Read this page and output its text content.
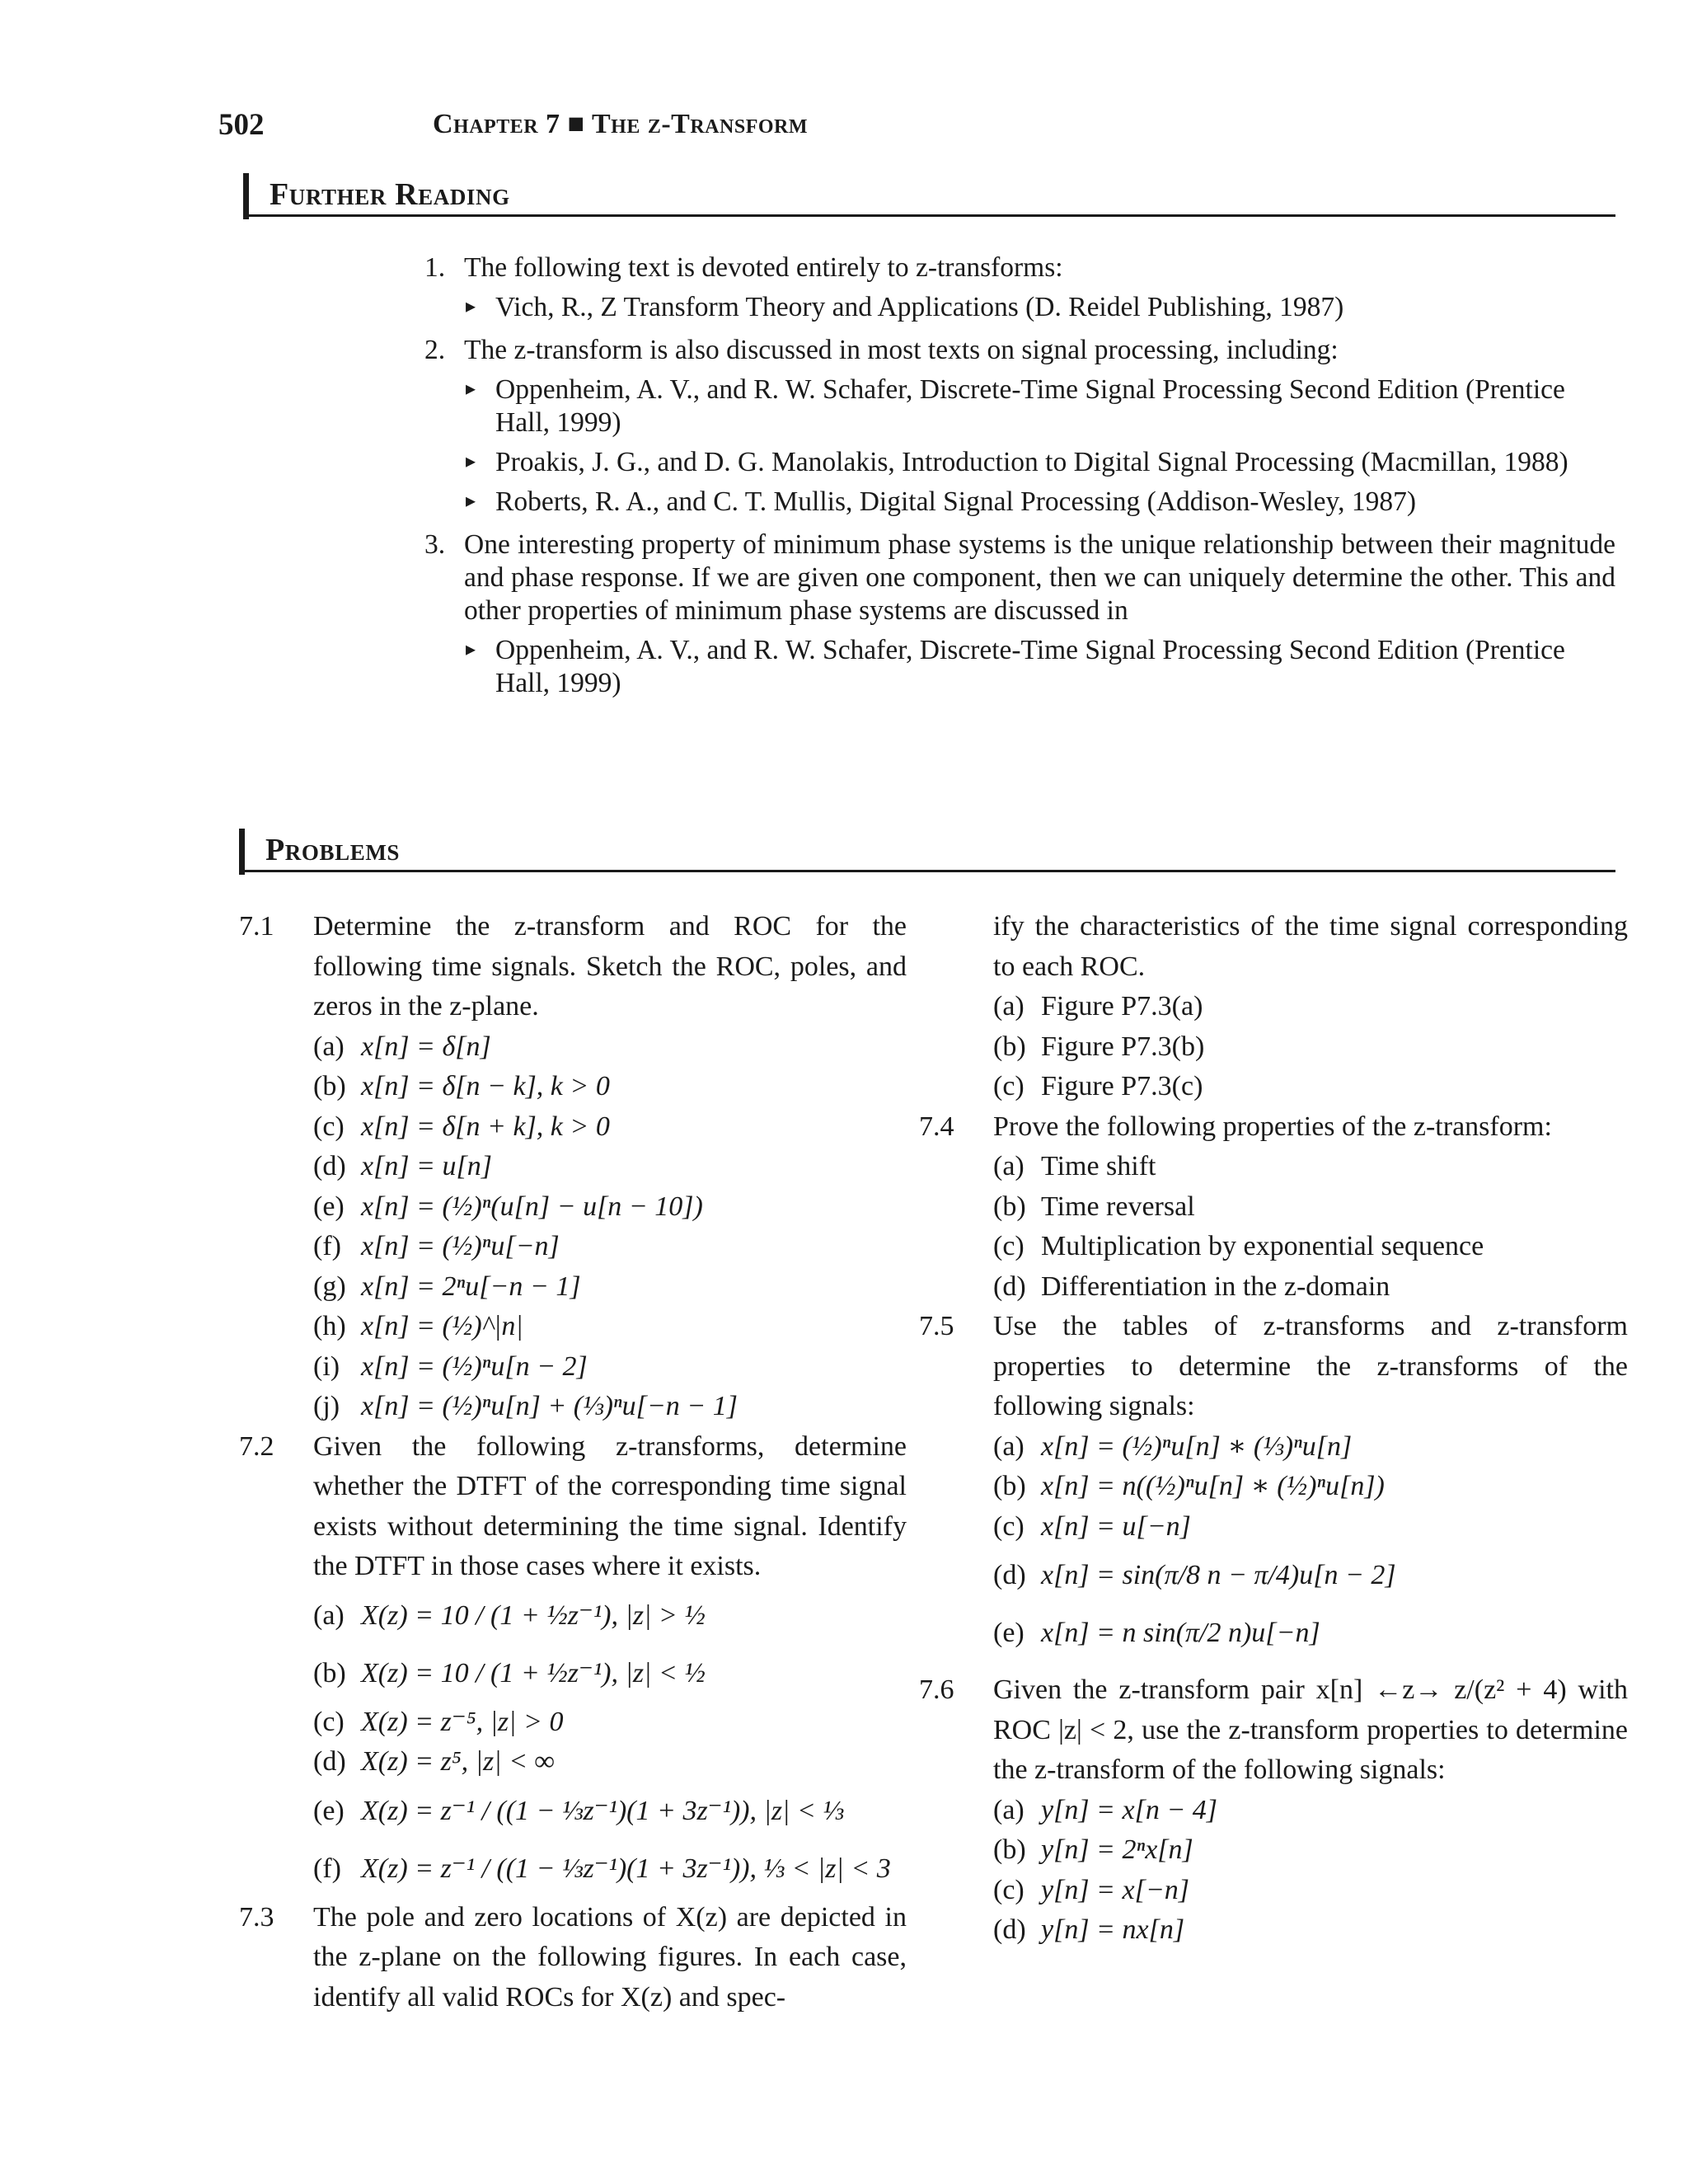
502	Chapter 7 ■ The z-Transform
Further Reading
1. The following text is devoted entirely to z-transforms:
▸ Vich, R., Z Transform Theory and Applications (D. Reidel Publishing, 1987)
2. The z-transform is also discussed in most texts on signal processing, including:
▸ Oppenheim, A. V., and R. W. Schafer, Discrete-Time Signal Processing Second Edition (Prentice Hall, 1999)
▸ Proakis, J. G., and D. G. Manolakis, Introduction to Digital Signal Processing (Macmillan, 1988)
▸ Roberts, R. A., and C. T. Mullis, Digital Signal Processing (Addison-Wesley, 1987)
3. One interesting property of minimum phase systems is the unique relationship between their magnitude and phase response. If we are given one component, then we can uniquely determine the other. This and other properties of minimum phase systems are discussed in
▸ Oppenheim, A. V., and R. W. Schafer, Discrete-Time Signal Processing Second Edition (Prentice Hall, 1999)
Problems
7.1 Determine the z-transform and ROC for the following time signals. Sketch the ROC, poles, and zeros in the z-plane.
(a) x[n] = δ[n]
(b) x[n] = δ[n − k], k > 0
(c) x[n] = δ[n + k], k > 0
(d) x[n] = u[n]
(e) x[n] = (½)ⁿ(u[n] − u[n − 10])
(f) x[n] = (½)ⁿu[−n]
(g) x[n] = 2ⁿu[−n − 1]
(h) x[n] = (½)^|n|
(i) x[n] = (½)ⁿu[n − 2]
(j) x[n] = (½)ⁿu[n] + (⅓)ⁿu[−n − 1]
7.2 Given the following z-transforms, determine whether the DTFT of the corresponding time signal exists without determining the time signal. Identify the DTFT in those cases where it exists.
(a) X(z) = 10 / (1 + ½z⁻¹), |z| > ½
(b) X(z) = 10 / (1 + ½z⁻¹), |z| < ½
(c) X(z) = z⁻⁵, |z| > 0
(d) X(z) = z⁵, |z| < ∞
(e) X(z) = z⁻¹ / ((1 − ⅓z⁻¹)(1 + 3z⁻¹)), |z| < ⅓
(f) X(z) = z⁻¹ / ((1 − ⅓z⁻¹)(1 + 3z⁻¹)), ⅓ < |z| < 3
7.3 The pole and zero locations of X(z) are depicted in the z-plane on the following figures. In each case, identify all valid ROCs for X(z) and spec-
ify the characteristics of the time signal corresponding to each ROC.
(a) Figure P7.3(a)
(b) Figure P7.3(b)
(c) Figure P7.3(c)
7.4 Prove the following properties of the z-transform:
(a) Time shift
(b) Time reversal
(c) Multiplication by exponential sequence
(d) Differentiation in the z-domain
7.5 Use the tables of z-transforms and z-transform properties to determine the z-transforms of the following signals:
(a) x[n] = (½)ⁿu[n] ∗ (⅓)ⁿu[n]
(b) x[n] = n((½)ⁿu[n] ∗ (½)ⁿu[n])
(c) x[n] = u[−n]
(d) x[n] = sin(π/8 n − π/4)u[n − 2]
(e) x[n] = n sin(π/2 n)u[−n]
7.6 Given the z-transform pair x[n] ←z→ z/(z² + 4) with ROC |z| < 2, use the z-transform properties to determine the z-transform of the following signals:
(a) y[n] = x[n − 4]
(b) y[n] = 2ⁿx[n]
(c) y[n] = x[−n]
(d) y[n] = nx[n]
